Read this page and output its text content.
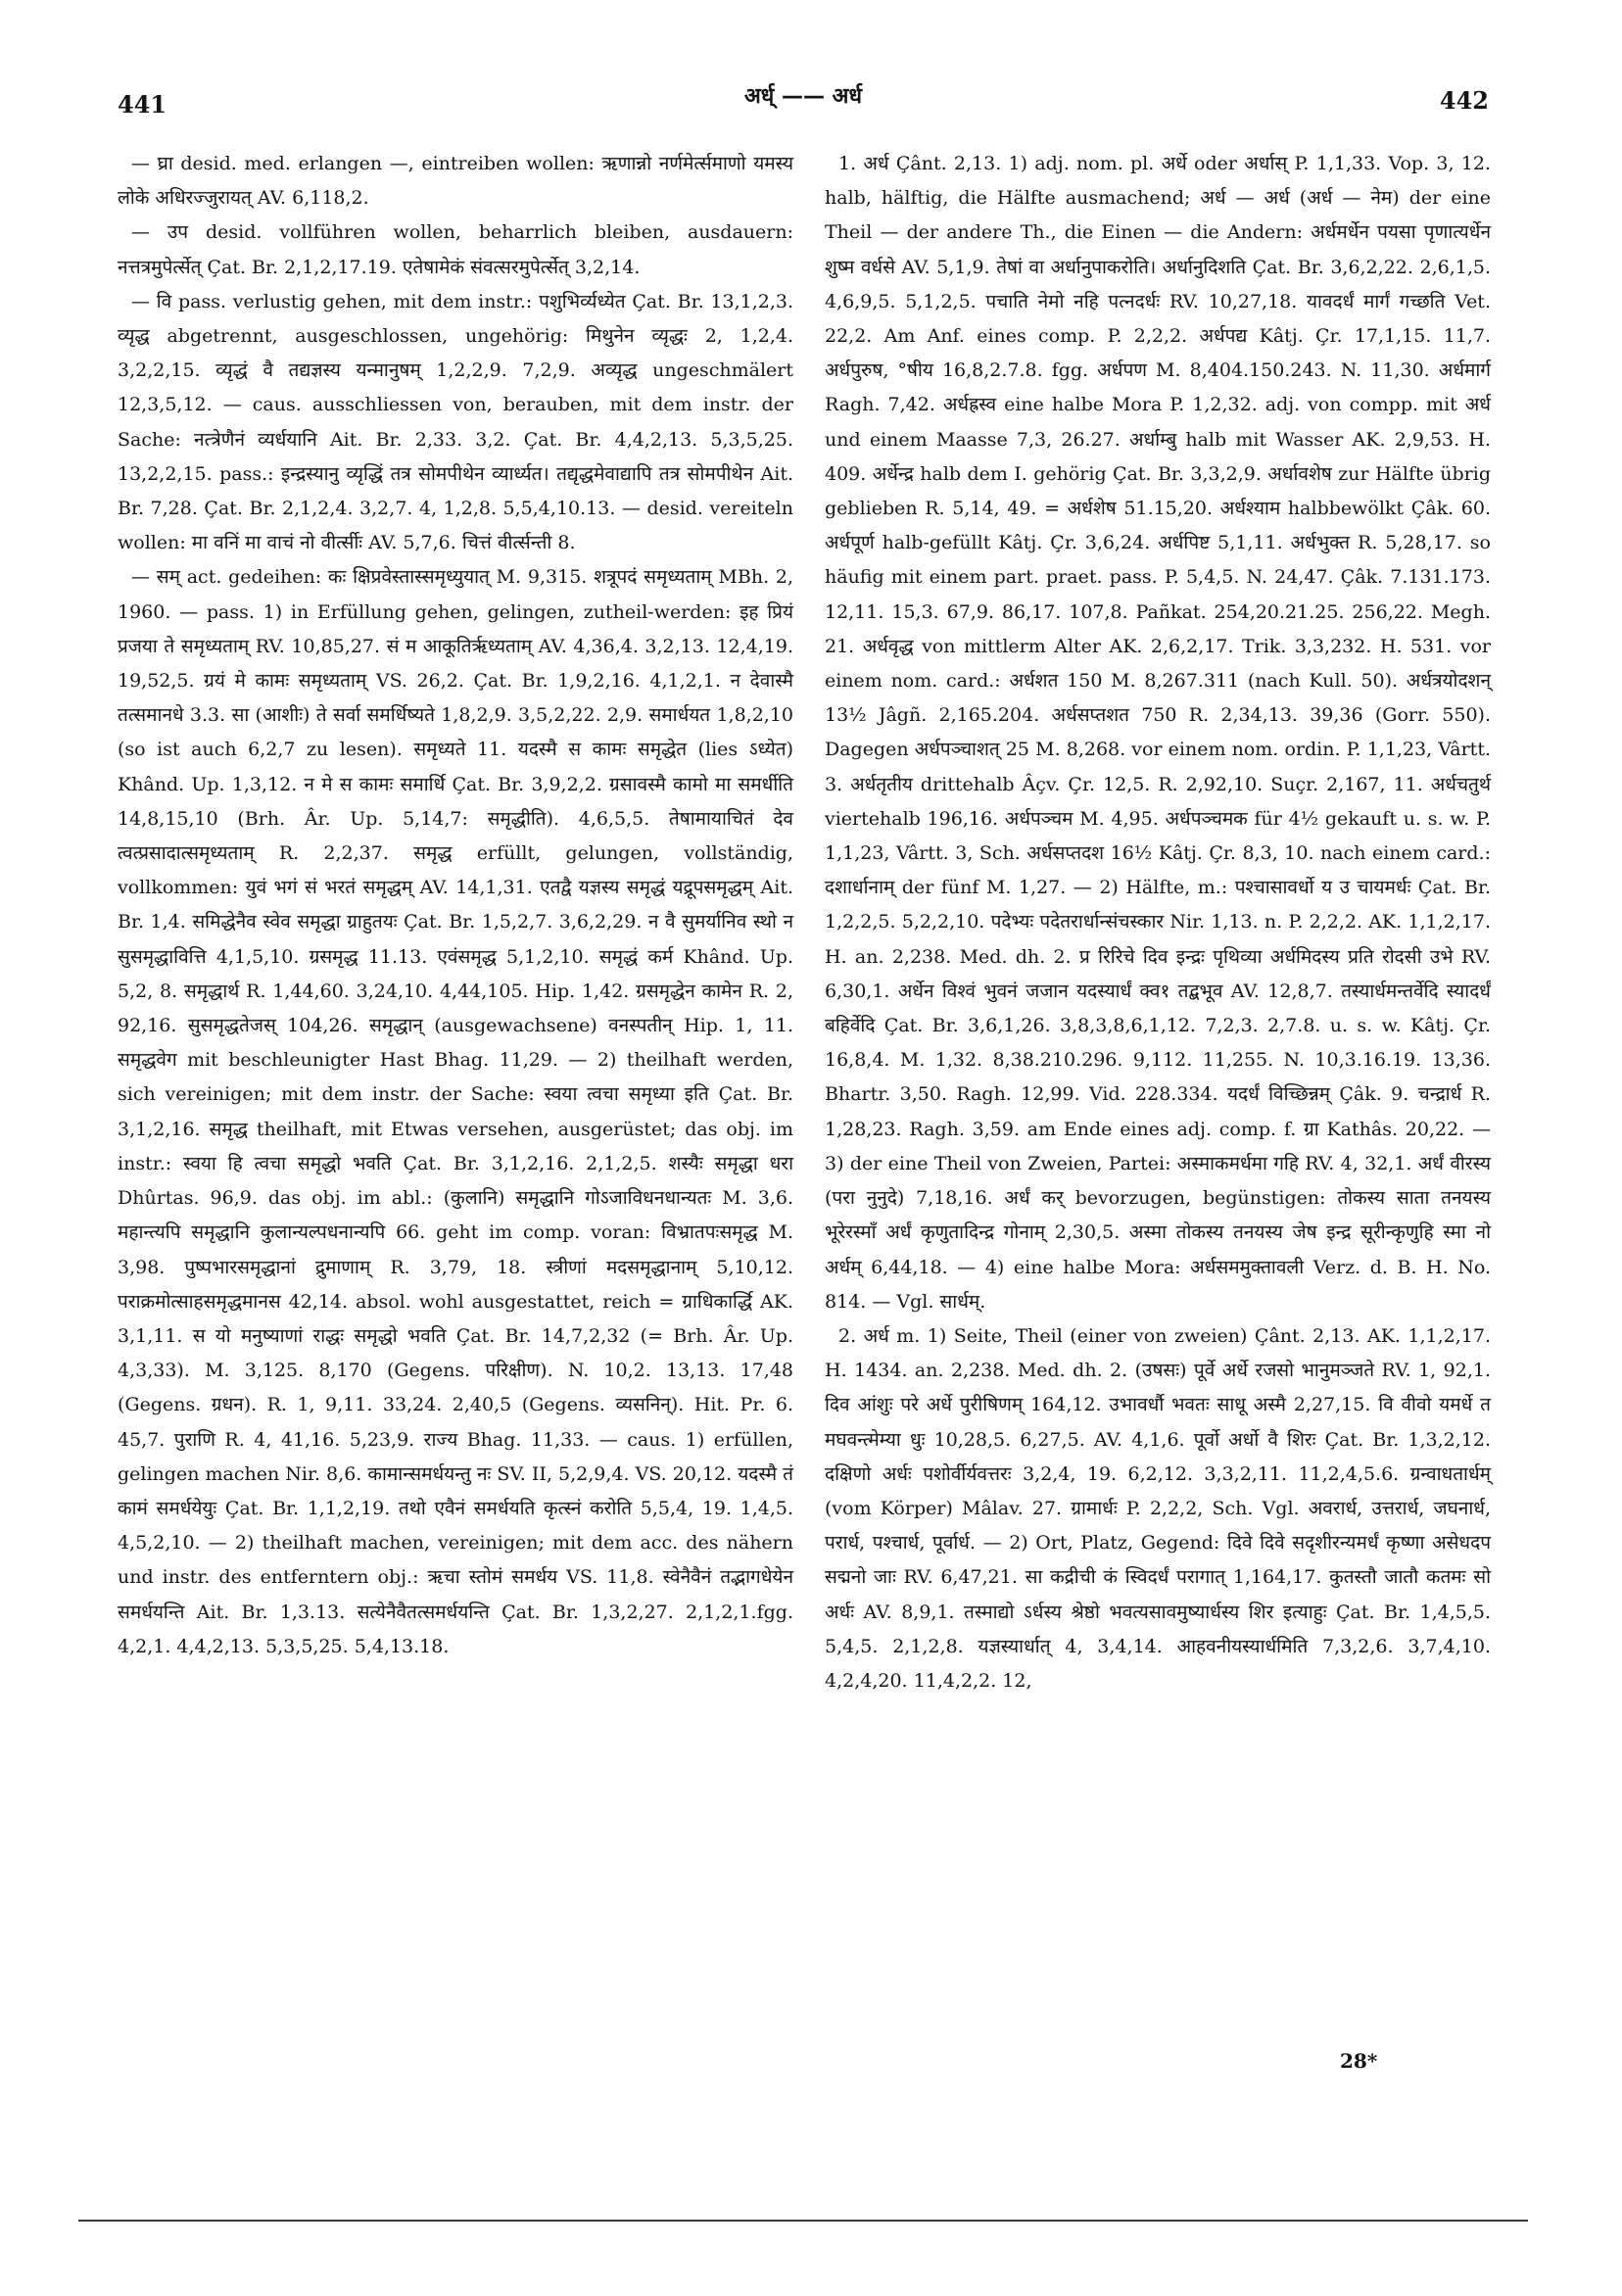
441	अर्ध् —— अर्ध	442

— घ्रा desid. med. erlangen —, eintreiben wollen: ऋणान्नो नर्णमेर्त्समाणो यमस्य लोके अधिरज्जुरायत् AV. 6,118,2.

— उप desid. vollführen wollen, beharrlich bleiben, ausdauern: नत्तत्रमुपेर्त्सेत् Çat. Br. 2,1,2,17.19. एतेषामेकं संवत्सरमुपेर्त्सेत् 3,2,14.

— वि pass. verlustig gehen, mit dem instr.: पशुभिर्व्यध्येत Çat. Br. 13,1,2,3. व्यृद्ध abgetrennt, ausgeschlossen, ungehörig: मिथुनेन व्यृद्धः 2, 1,2,4. 3,2,2,15. व्यृद्धं वै तद्यज्ञस्य यन्मानुषम् 1,2,2,9. 7,2,9. अव्यृद्ध ungeschmälert 12,3,5,12. — caus. ausschliessen von, berauben, mit dem instr. der Sache: नत्त्रेणैनं व्यर्धयानि Ait. Br. 2,33. 3,2. Çat. Br. 4,4,2,13. 5,3,5,25. 13,2,2,15. pass.: इन्द्रस्यानु व्यृद्धिं तत्र सोमपीथेन व्यार्ध्यत। तद्यृद्धमेवाद्यापि तत्र सोमपीथेन Ait. Br. 7,28. Çat. Br. 2,1,2,4. 3,2,7. 4, 1,2,8. 5,5,4,10.13. — desid. vereiteln wollen: मा वनिं मा वाचं नो वीर्त्सीः AV. 5,7,6. चित्तं वीर्त्सन्ती 8.

— सम् act. gedeihen: कः क्षिप्रवेस्तास्समृध्युयात् M. 9,315. शत्रूपदं समृध्यताम् MBh. 2, 1960. — pass. 1) in Erfüllung gehen, gelingen, zutheil-werden: इह प्रियं प्रजया ते समृध्यताम् RV. 10,85,27. सं म आकूतिर्ऋध्यताम् AV. 4,36,4. 3,2,13. 12,4,19. 19,52,5. ग्रयं मे कामः समृध्यताम् VS. 26,2. Çat. Br. 1,9,2,16. 4,1,2,1. न देवास्मै तत्समानधे 3.3. सा (आशीः) ते सर्वा समर्धिष्यते 1,8,2,9. 3,5,2,22. 2,9. समार्धयत 1,8,2,10 (so ist auch 6,2,7 zu lesen). समृध्यते 11. यदस्मै स कामः समृद्धेत (lies ऽध्येत) Khând. Up. 1,3,12. न मे स कामः समार्धि Çat. Br. 3,9,2,2. ग्रसावस्मै कामो मा समर्धीति 14,8,15,10 (Brh. Âr. Up. 5,14,7: समृद्धीति). 4,6,5,5. तेषामायाचितं देव त्वत्प्रसादात्समृध्यताम् R. 2,2,37. समृद्ध erfüllt, gelungen, vollständig, vollkommen: युवं भगं सं भरतं समृद्धम् AV. 14,1,31. एतद्वै यज्ञस्य समृद्धं यद्रूपसमृद्धम् Ait. Br. 1,4. समिद्धेनैव स्वेव समृद्धा ग्राहुतयः Çat. Br. 1,5,2,7. 3,6,2,29. न वै सुमर्यानिव स्थो न सुसमृद्धावित्ति 4,1,5,10. ग्रसमृद्ध 11.13. एवंसमृद्ध 5,1,2,10. समृद्धं कर्म Khând. Up. 5,2, 8. समृद्धार्थ R. 1,44,60. 3,24,10. 4,44,105. Hip. 1,42. ग्रसमृद्धेन कामेन R. 2, 92,16. सुसमृद्धतेजस् 104,26. समृद्धान् (ausgewachsene) वनस्पतीन् Hip. 1, 11. समृद्धवेग mit beschleunigter Hast Bhag. 11,29. — 2) theilhaft werden, sich vereinigen; mit dem instr. der Sache: स्वया त्वचा समृध्या इति Çat. Br. 3,1,2,16. समृद्ध theilhaft, mit Etwas versehen, ausgerüstet; das obj. im instr.: स्वया हि त्वचा समृद्धो भवति Çat. Br. 3,1,2,16. 2,1,2,5. शस्यैः समृद्धा धरा Dhûrtas. 96,9. das obj. im abl.: (कुलानि) समृद्धानि गोऽजाविधनधान्यतः M. 3,6. महान्त्यपि समृद्धानि कुलान्यल्पधनान्यपि 66. geht im comp. voran: विभ्रातपःसमृद्ध M. 3,98. पुष्पभारसमृद्धानां द्रुमाणाम् R. 3,79, 18. स्त्रीणां मदसमृद्धानाम् 5,10,12. पराक्रमोत्साहसमृद्धमानस 42,14. absol. wohl ausgestattet, reich = ग्राधिकार्द्धि AK. 3,1,11. स यो मनुष्याणां राद्धः समृद्धो भवति Çat. Br. 14,7,2,32 (= Brh. Âr. Up. 4,3,33). M. 3,125. 8,170 (Gegens. परिक्षीण). N. 10,2. 13,13. 17,48 (Gegens. ग्रधन). R. 1, 9,11. 33,24. 2,40,5 (Gegens. व्यसनिन्). Hit. Pr. 6. 45,7. पुराणि R. 4, 41,16. 5,23,9. राज्य Bhag. 11,33. — caus. 1) erfüllen, gelingen machen Nir. 8,6. कामान्समर्धयन्तु नः SV. II, 5,2,9,4. VS. 20,12. यदस्मै तं कामं समर्धयेयुः Çat. Br. 1,1,2,19. तथो एवैनं समर्धयति कृत्स्नं करोति 5,5,4, 19. 1,4,5. 4,5,2,10. — 2) theilhaft machen, vereinigen; mit dem acc. des nähern und instr. des entferntern obj.: ऋचा स्तोमं समर्धय VS. 11,8. स्वेनैवैनं तद्भागधेयेन समर्धयन्ति Ait. Br. 1,3.13. सत्येनैवैतत्समर्धयन्ति Çat. Br. 1,3,2,27. 2,1,2,1.fgg. 4,2,1. 4,4,2,13. 5,3,5,25. 5,4,13.18.

1. अर्ध Çânt. 2,13. 1) adj. nom. pl. अर्धे oder अर्धास् P. 1,1,33. Vop. 3, 12. halb, hälftig, die Hälfte ausmachend; अर्ध — अर्ध (अर्ध — नेम) der eine Theil — der andere Th., die Einen — die Andern: अर्धमर्धेन पयसा पृणात्यर्धेन शुष्म वर्धसे AV. 5,1,9. तेषां वा अर्धानुपाकरोति। अर्धानुदिशति Çat. Br. 3,6,2,22. 2,6,1,5. 4,6,9,5. 5,1,2,5. पचाति नेमो नहि पत्नदर्धः RV. 10,27,18. यावदर्धं मार्गं गच्छति Vet. 22,2. Am Anf. eines comp. P. 2,2,2. अर्धपद्य Kâtj. Çr. 17,1,15. 11,7. अर्धपुरुष, °षीय 16,8,2.7.8. fgg. अर्धपण M. 8,404.150.243. N. 11,30. अर्धमार्ग Ragh. 7,42. अर्धह्रस्व eine halbe Mora P. 1,2,32. adj. von compp. mit अर्ध und einem Maasse 7,3, 26.27. अर्धाम्बु halb mit Wasser AK. 2,9,53. H. 409. अर्धेन्द्र halb dem I. gehörig Çat. Br. 3,3,2,9. अर्धावशेष zur Hälfte übrig geblieben R. 5,14, 49. = अर्धशेष 51.15,20. अर्धश्याम halbbewölkt Çâk. 60. अर्धपूर्ण halb-gefüllt Kâtj. Çr. 3,6,24. अर्धपिष्ट 5,1,11. अर्धभुक्त R. 5,28,17. so häufig mit einem part. praet. pass. P. 5,4,5. N. 24,47. Çâk. 7.131.173. 12,11. 15,3. 67,9. 86,17. 107,8. Pañkat. 254,20.21.25. 256,22. Megh. 21. अर्धवृद्ध von mittlerm Alter AK. 2,6,2,17. Trik. 3,3,232. H. 531. vor einem nom. card.: अर्धशत 150 M. 8,267.311 (nach Kull. 50). अर्धत्रयोदशन् 13½ Jâgñ. 2,165.204. अर्धसप्तशत 750 R. 2,34,13. 39,36 (Gorr. 550). Dagegen अर्धपञ्चाशत् 25 M. 8,268. vor einem nom. ordin. P. 1,1,23, Vârtt. 3. अर्धतृतीय drittehalb Âçv. Çr. 12,5. R. 2,92,10. Suçr. 2,167, 11. अर्धचतुर्थ viertehalb 196,16. अर्धपञ्चम M. 4,95. अर्धपञ्चमक für 4½ gekauft u. s. w. P. 1,1,23, Vârtt. 3, Sch. अर्धसप्तदश 16½ Kâtj. Çr. 8,3, 10. nach einem card.: दशार्धानाम् der fünf M. 1,27. — 2) Hälfte, m.: पश्चासावर्धो य उ चायमर्धः Çat. Br. 1,2,2,5. 5,2,2,10. पदेभ्यः पदेतरार्धान्संचस्कार Nir. 1,13. n. P. 2,2,2. AK. 1,1,2,17. H. an. 2,238. Med. dh. 2. प्र रिरिचे दिव इन्द्रः पृथिव्या अर्धमिदस्य प्रति रोदसी उभे RV. 6,30,1. अर्धेन विश्वं भुवनं जजान यदस्यार्धं क्व१ तद्बभूव AV. 12,8,7. तस्यार्धमन्तर्वेदि स्यादर्धं बहिर्वेदि Çat. Br. 3,6,1,26. 3,8,3,8,6,1,12. 7,2,3. 2,7.8. u. s. w. Kâtj. Çr. 16,8,4. M. 1,32. 8,38.210.296. 9,112. 11,255. N. 10,3.16.19. 13,36. Bhartr. 3,50. Ragh. 12,99. Vid. 228.334. यदर्धं विच्छिन्नम् Çâk. 9. चन्द्रार्ध R. 1,28,23. Ragh. 3,59. am Ende eines adj. comp. f. ग्रा Kathâs. 20,22. — 3) der eine Theil von Zweien, Partei: अस्माकमर्धमा गहि RV. 4, 32,1. अर्धं वीरस्य (परा नुनुदे) 7,18,16. अर्धं कर् bevorzugen, begünstigen: तोकस्य साता तनयस्य भूरेरस्माँ अर्धं कृणुतादिन्द्र गोनाम् 2,30,5. अस्मा तोकस्य तनयस्य जेष इन्द्र सूरीन्कृणुहि स्मा नो अर्धम् 6,44,18. — 4) eine halbe Mora: अर्धसममुक्तावली Verz. d. B. H. No. 814. — Vgl. सार्धम्.

2. अर्ध m. 1) Seite, Theil (einer von zweien) Çânt. 2,13. AK. 1,1,2,17. H. 1434. an. 2,238. Med. dh. 2. (उषसः) पूर्वे अर्धे रजसो भानुमञ्जते RV. 1, 92,1. दिव आंशुः परे अर्धे पुरीषिणम् 164,12. उभावर्धौ भवतः साधू अस्मै 2,27,15. वि वीवो यमर्धे त मघवन्त्मेम्या धुः 10,28,5. 6,27,5. AV. 4,1,6. पूर्वो अर्धो वै शिरः Çat. Br. 1,3,2,12. दक्षिणो अर्धः पशोर्वीर्यवत्तरः 3,2,4, 19. 6,2,12. 3,3,2,11. 11,2,4,5.6. ग्रन्वाधतार्धम् (vom Körper) Mâlav. 27. ग्रामार्धः P. 2,2,2, Sch. Vgl. अवरार्ध, उत्तरार्ध, जघनार्ध, परार्ध, पश्चार्ध, पूर्वार्ध. — 2) Ort, Platz, Gegend: दिवे दिवे सदृशीरन्यमर्धं कृष्णा असेधदप सद्मनो जाः RV. 6,47,21. सा कद्रीची कं स्विदर्धं परागात् 1,164,17. कुतस्तौ जातौ कतमः सो अर्धः AV. 8,9,1. तस्माद्यो ऽर्धस्य श्रेष्ठो भवत्यसावमुष्यार्धस्य शिर इत्याहुः Çat. Br. 1,4,5,5. 5,4,5. 2,1,2,8. यज्ञस्यार्धात् 4, 3,4,14. आहवनीयस्यार्धमिति 7,3,2,6. 3,7,4,10. 4,2,4,20. 11,4,2,2. 12,

28*
